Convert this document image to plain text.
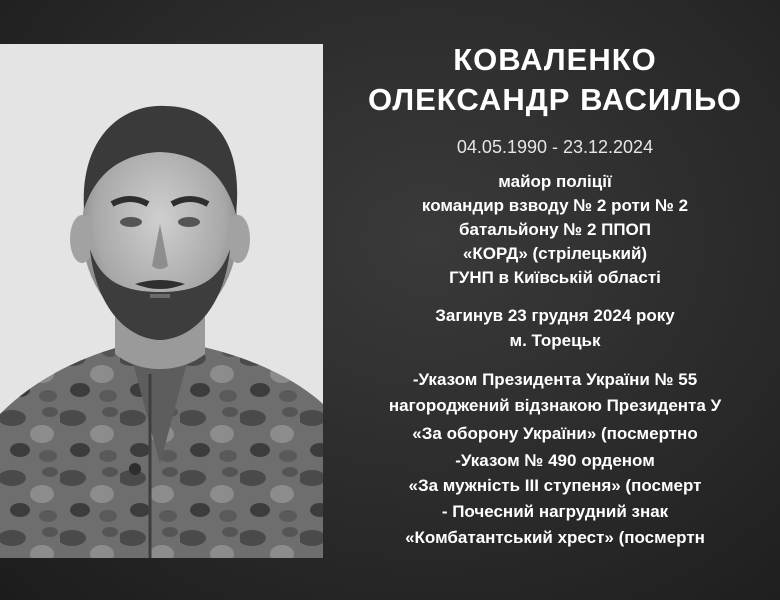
КОВАЛЕНКО
ОЛЕКСАНДР ВАСИЛЬО
04.05.1990 - 23.12.2024
майор поліції
командир взводу № 2 роти № 2
батальйону № 2 ППОП
«КОРД» (стрілецький)
ГУНП в Київській області
Загинув 23 грудня 2024 року
м. Торецьк
-Указом Президента України № 55
нагороджений відзнакою Президента У
«За оборону України» (посмертно
-Указом № 490 орденом
«За мужність ІІІ ступеня» (посмерт
- Почесний нагрудний знак
«Комбатантський хрест» (посмертн
